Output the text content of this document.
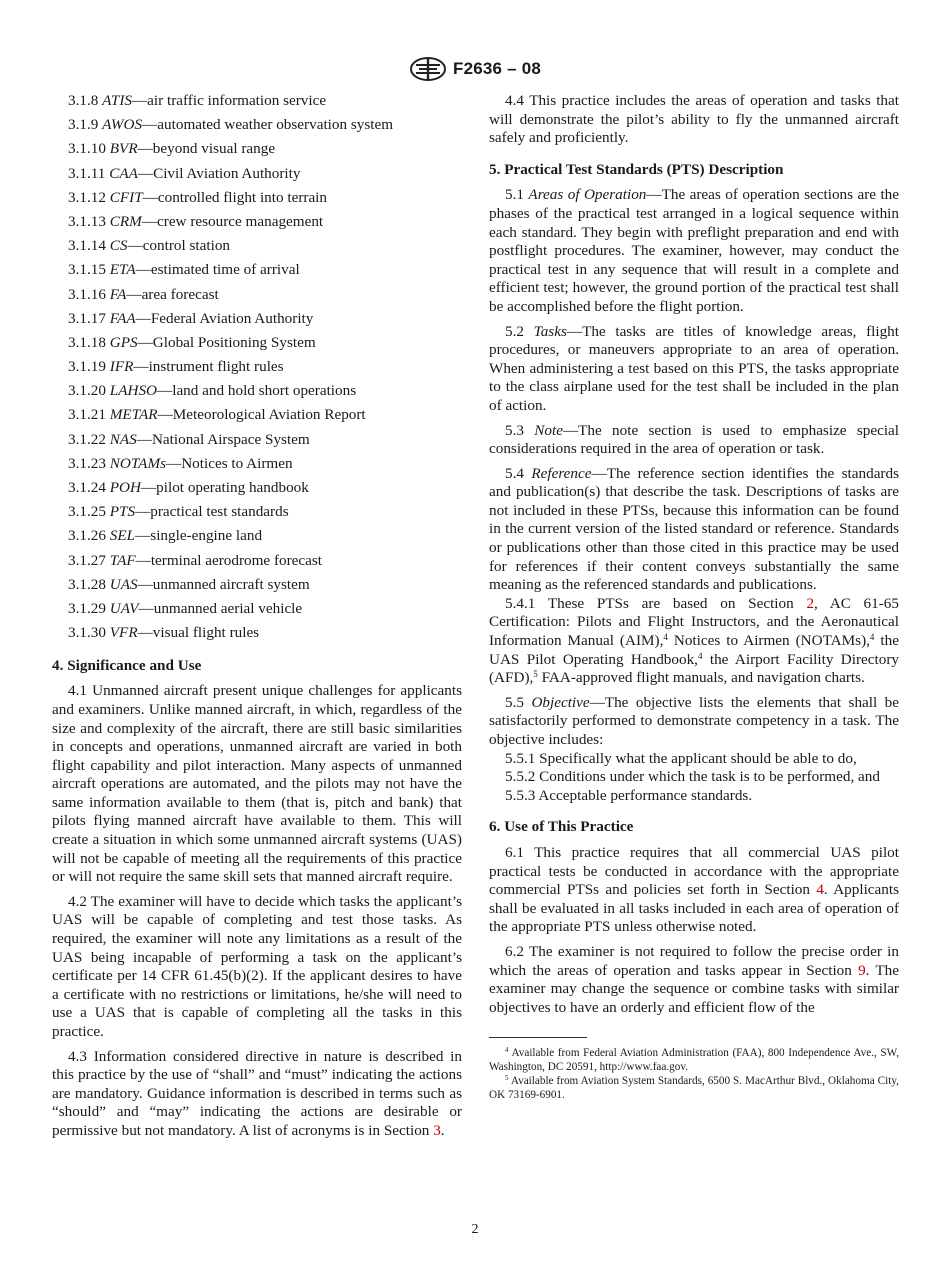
F2636 – 08
3.1.8 ATIS—air traffic information service
3.1.9 AWOS—automated weather observation system
3.1.10 BVR—beyond visual range
3.1.11 CAA—Civil Aviation Authority
3.1.12 CFIT—controlled flight into terrain
3.1.13 CRM—crew resource management
3.1.14 CS—control station
3.1.15 ETA—estimated time of arrival
3.1.16 FA—area forecast
3.1.17 FAA—Federal Aviation Authority
3.1.18 GPS—Global Positioning System
3.1.19 IFR—instrument flight rules
3.1.20 LAHSO—land and hold short operations
3.1.21 METAR—Meteorological Aviation Report
3.1.22 NAS—National Airspace System
3.1.23 NOTAMs—Notices to Airmen
3.1.24 POH—pilot operating handbook
3.1.25 PTS—practical test standards
3.1.26 SEL—single-engine land
3.1.27 TAF—terminal aerodrome forecast
3.1.28 UAS—unmanned aircraft system
3.1.29 UAV—unmanned aerial vehicle
3.1.30 VFR—visual flight rules
4. Significance and Use

4.1 Unmanned aircraft present unique challenges for applicants and examiners. Unlike manned aircraft, in which, regardless of the size and complexity of the aircraft, there are still basic similarities in concepts and operations, unmanned aircraft are varied in both flight capability and pilot interaction. Many aspects of unmanned aircraft operations are automated, and the pilots may not have the same information available to them (that is, pitch and bank) that pilots flying manned aircraft have available to them. This will create a situation in which some unmanned aircraft systems (UAS) will not be capable of meeting all the requirements of this practice or will not require the same skill sets that manned aircraft require.

4.2 The examiner will have to decide which tasks the applicant’s UAS will be capable of completing and test those tasks. As required, the examiner will note any limitations as a result of the UAS being incapable of performing a task on the applicant’s certificate per 14 CFR 61.45(b)(2). If the applicant desires to have a certificate with no restrictions or limitations, he/she will need to use a UAS that is capable of completing all the tasks in this practice.

4.3 Information considered directive in nature is described in this practice by the use of “shall” and “must” indicating the actions are mandatory. Guidance information is described in terms such as “should” and “may” indicating the actions are desirable or permissive but not mandatory. A list of acronyms is in Section 3.

4.4 This practice includes the areas of operation and tasks that will demonstrate the pilot’s ability to fly the unmanned aircraft safely and proficiently.

5. Practical Test Standards (PTS) Description

5.1 Areas of Operation—The areas of operation sections are the phases of the practical test arranged in a logical sequence within each standard. They begin with preflight preparation and end with postflight procedures. The examiner, however, may conduct the practical test in any sequence that will result in a complete and efficient test; however, the ground portion of the practical test shall be accomplished before the flight portion.

5.2 Tasks—The tasks are titles of knowledge areas, flight procedures, or maneuvers appropriate to an area of operation. When administering a test based on this PTS, the tasks appropriate to the class airplane used for the test shall be included in the plan of action.

5.3 Note—The note section is used to emphasize special considerations required in the area of operation or task.

5.4 Reference—The reference section identifies the standards and publication(s) that describe the task. Descriptions of tasks are not included in these PTSs, because this information can be found in the current version of the listed standard or reference. Standards or publications other than those cited in this practice may be used for references if their content conveys substantially the same meaning as the referenced standards and publications.

5.4.1 These PTSs are based on Section 2, AC 61-65 Certification: Pilots and Flight Instructors, and the Aeronautical Information Manual (AIM),$^4$ Notices to Airmen (NOTAMs),$^4$ the UAS Pilot Operating Handbook,$^4$ the Airport Facility Directory (AFD),$^5$ FAA-approved flight manuals, and navigation charts.

5.5 Objective—The objective lists the elements that shall be satisfactorily performed to demonstrate competency in a task. The objective includes:

5.5.1 Specifically what the applicant should be able to do,

5.5.2 Conditions under which the task is to be performed, and

5.5.3 Acceptable performance standards.

6. Use of This Practice

6.1 This practice requires that all commercial UAS pilot practical tests be conducted in accordance with the appropriate commercial PTSs and policies set forth in Section 4. Applicants shall be evaluated in all tasks included in each area of operation of the appropriate PTS unless otherwise noted.

6.2 The examiner is not required to follow the precise order in which the areas of operation and tasks appear in Section 9. The examiner may change the sequence or combine tasks with similar objectives to have an orderly and efficient flow of the

$^4$ Available from Federal Aviation Administration (FAA), 800 Independence Ave., SW, Washington, DC 20591, http://www.faa.gov.

$^5$ Available from Aviation System Standards, 6500 S. MacArthur Blvd., Oklahoma City, OK 73169-6901.

2
